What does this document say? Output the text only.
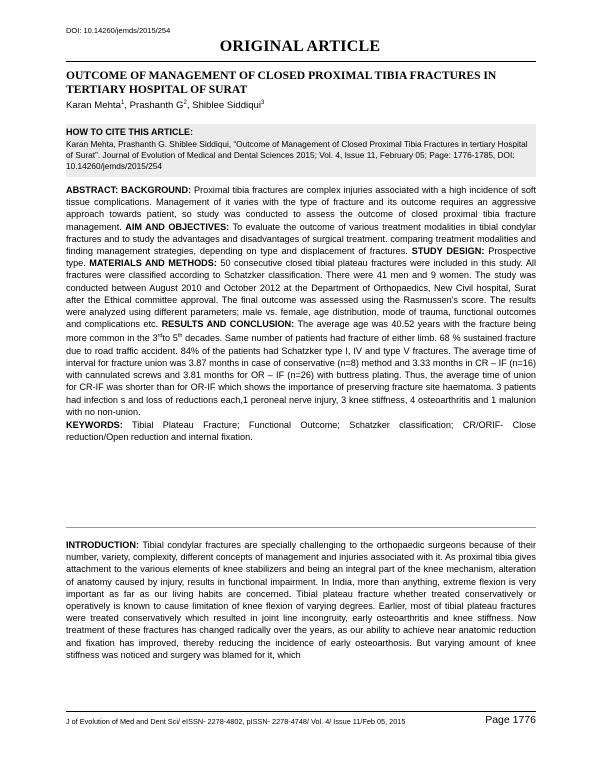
DOI: 10.14260/jemds/2015/254
ORIGINAL ARTICLE
OUTCOME OF MANAGEMENT OF CLOSED PROXIMAL TIBIA FRACTURES IN TERTIARY HOSPITAL OF SURAT
Karan Mehta$^1$, Prashanth $G^2$, Shiblee Siddiqui$^3$
HOW TO CITE THIS ARTICLE:
Karan Mehta, Prashanth G. Shiblee Siddiqui, “Outcome of Management of Closed Proximal Tibia Fractures in tertiary Hospital of Surat”. Journal of Evolution of Medical and Dental Sciences 2015; Vol. 4, Issue 11, February 05; Page: 1776-1785, DOI: 10.14260/jemds/2015/254
ABSTRACT: BACKGROUND: Proximal tibia fractures are complex injuries associated with a high incidence of soft tissue complications. Management of it varies with the type of fracture and its outcome requires an aggressive approach towards patient, so study was conducted to assess the outcome of closed proximal tibia fracture management. AIM AND OBJECTIVES: To evaluate the outcome of various treatment modalities in tibial condylar fractures and to study the advantages and disadvantages of surgical treatment. comparing treatment modalities and finding management strategies, depending on type and displacement of fractures. STUDY DESIGN: Prospective type. MATERIALS AND METHODS: 50 consecutive closed tibial plateau fractures were included in this study. All fractures were classified according to Schatzker classification. There were 41 men and 9 women. The study was conducted between August 2010 and October 2012 at the Department of Orthopaedics, New Civil hospital, Surat after the Ethical committee approval. The final outcome was assessed using the Rasmussen's score. The results were analyzed using different parameters; male vs. female, age distribution, mode of trauma, functional outcomes and complications etc. RESULTS AND CONCLUSION: The average age was 40.52 years with the fracture being more common in the 3rdto 5th decades. Same number of patients had fracture of either limb. 68 % sustained fracture due to road traffic accident. 84% of the patients had Schatzker type I, IV and type V fractures. The average time of interval for fracture union was 3.87 months in case of conservative (n=8) method and 3.33 months in CR – IF (n=16) with cannulated screws and 3.81 months for OR – IF (n=26) with buttress plating. Thus, the average time of union for CR-IF was shorter than for OR-IF which shows the importance of preserving fracture site haematoma. 3 patients had infection s and loss of reductions each,1 peroneal nerve injury, 3 knee stiffness, 4 osteoarthritis and 1 malunion with no non-union.
KEYWORDS: Tibial Plateau Fracture; Functional Outcome; Schatzker classification; CR/ORIF- Close reduction/Open reduction and internal fixation.
INTRODUCTION: Tibial condylar fractures are specially challenging to the orthopaedic surgeons because of their number, variety, complexity, different concepts of management and injuries associated with it. As proximal tibia gives attachment to the various elements of knee stabilizers and being an integral part of the knee mechanism, alteration of anatomy caused by injury, results in functional impairment. In India, more than anything, extreme flexion is very important as far as our living habits are concerned. Tibial plateau fracture whether treated conservatively or operatively is known to cause limitation of knee flexion of varying degrees. Earlier, most of tibial plateau fractures were treated conservatively which resulted in joint line incongruity, early osteoarthritis and knee stiffness. Now treatment of these fractures has changed radically over the years, as our ability to achieve near anatomic reduction and fixation has improved, thereby reducing the incidence of early osteoarthosis. But varying amount of knee stiffness was noticed and surgery was blamed for it, which
J of Evolution of Med and Dent Sci/ eISSN- 2278-4802, pISSN- 2278-4748/ Vol. 4/ Issue 11/Feb 05, 2015	Page 1776
